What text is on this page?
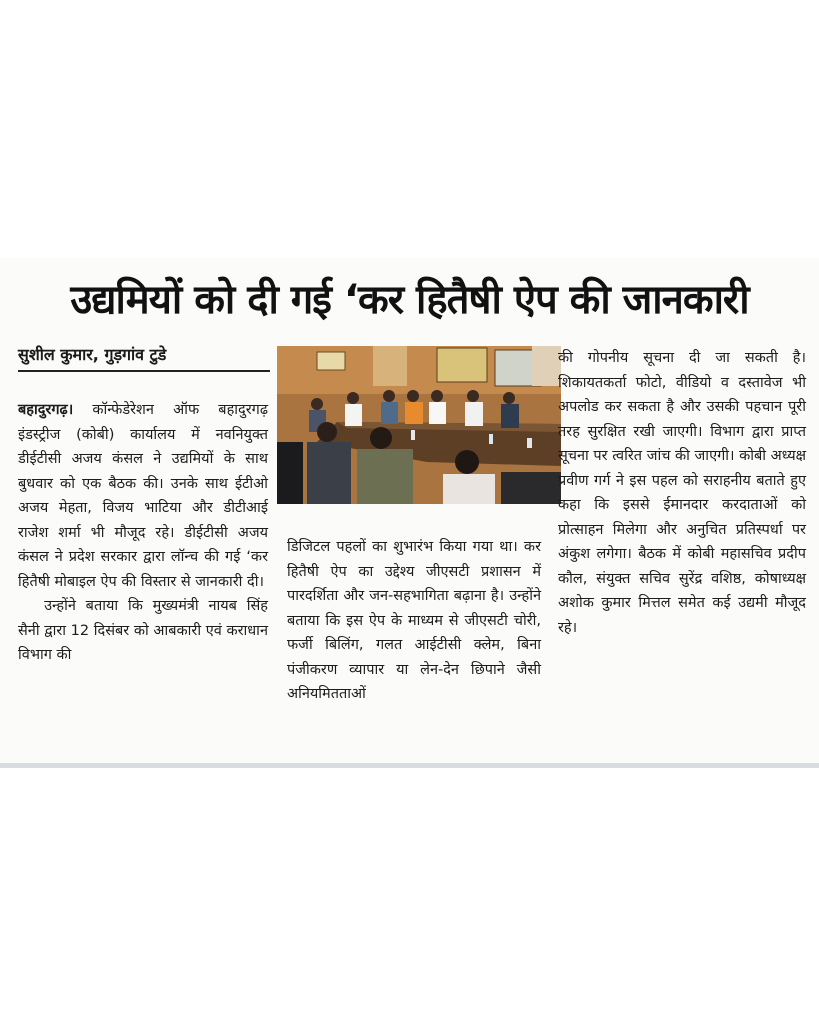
उद्यमियों को दी गई ‘कर हितैषी ऐप की जानकारी
सुशील कुमार, गुड़गांव टुडे

बहादुरगढ़। कॉन्फेडेरेशन ऑफ बहादुरगढ़ इंडस्ट्रीज (कोबी) कार्यालय में नवनियुक्त डीईटीसी अजय कंसल ने उद्यमियों के साथ बुधवार को एक बैठक की। उनके साथ ईटीओ अजय मेहता, विजय भाटिया और डीटीआई राजेश शर्मा भी मौजूद रहे। डीईटीसी अजय कंसल ने प्रदेश सरकार द्वारा लॉन्च की गई ‘कर हितैषी मोबाइल ऐप की विस्तार से जानकारी दी।

उन्होंने बताया कि मुख्यमंत्री नायब सिंह सैनी द्वारा 12 दिसंबर को आबकारी एवं कराधान विभाग की

डिजिटल पहलों का शुभारंभ किया गया था। कर हितैषी ऐप का उद्देश्य जीएसटी प्रशासन में पारदर्शिता और जन-सहभागिता बढ़ाना है। उन्होंने बताया कि इस ऐप के माध्यम से जीएसटी चोरी, फर्जी बिलिंग, गलत आईटीसी क्लेम, बिना पंजीकरण व्यापार या लेन-देन छिपाने जैसी अनियमितताओं

की गोपनीय सूचना दी जा सकती है। शिकायतकर्ता फोटो, वीडियो व दस्तावेज भी अपलोड कर सकता है और उसकी पहचान पूरी तरह सुरक्षित रखी जाएगी। विभाग द्वारा प्राप्त सूचना पर त्वरित जांच की जाएगी। कोबी अध्यक्ष प्रवीण गर्ग ने इस पहल को सराहनीय बताते हुए कहा कि इससे ईमानदार करदाताओं को प्रोत्साहन मिलेगा और अनुचित प्रतिस्पर्धा पर अंकुश लगेगा। बैठक में कोबी महासचिव प्रदीप कौल, संयुक्त सचिव सुरेंद्र वशिष्ठ, कोषाध्यक्ष अशोक कुमार मित्तल समेत कई उद्यमी मौजूद रहे।
